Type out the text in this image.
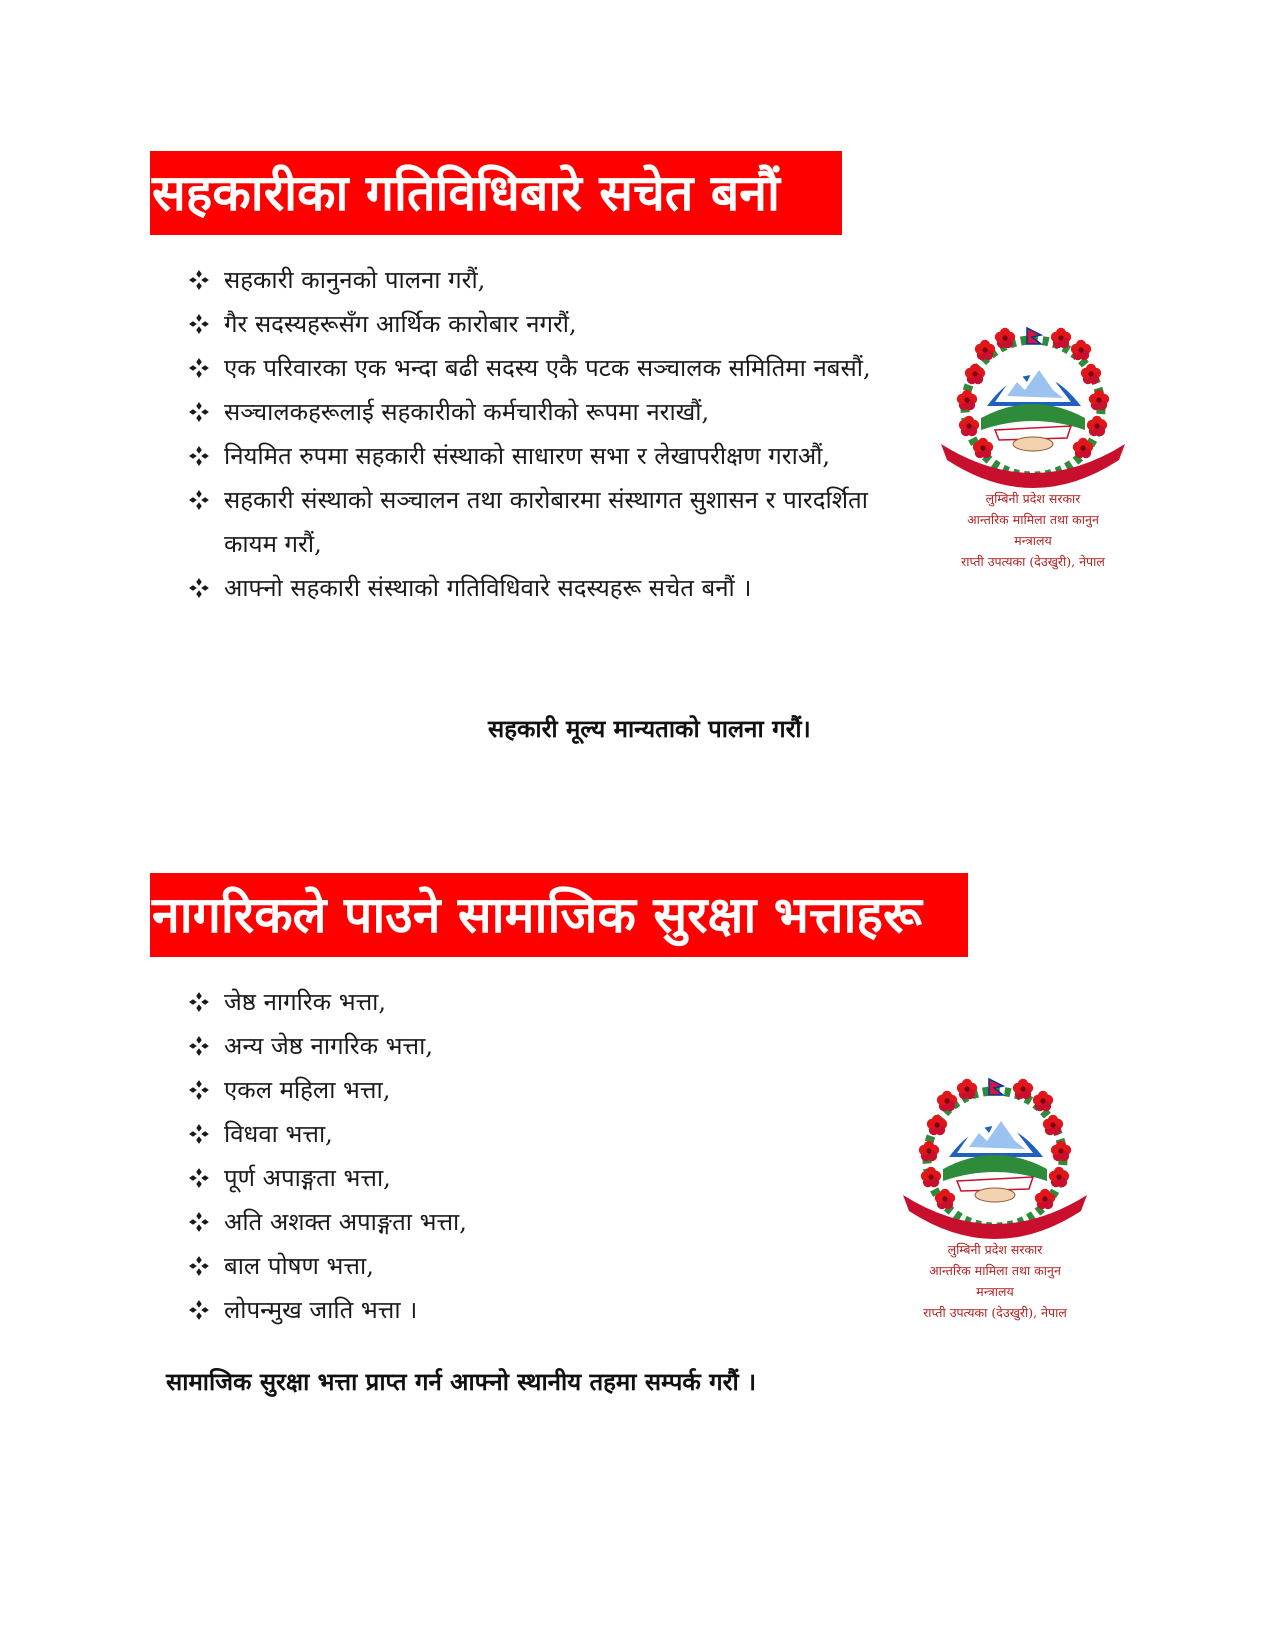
सहकारीका गतिविधिबारे सचेत बनौं
सहकारी कानुनको पालना गरौं,
गैर सदस्यहरूसँग आर्थिक कारोबार नगरौं,
एक परिवारका एक भन्दा बढी सदस्य एकै पटक सञ्चालक समितिमा नबसौं,
सञ्चालकहरूलाई सहकारीको कर्मचारीको रूपमा नराखौं,
नियमित रुपमा सहकारी संस्थाको साधारण सभा र लेखापरीक्षण गराऔं,
सहकारी संस्थाको सञ्चालन तथा कारोबारमा संस्थागत सुशासन र पारदर्शिता कायम गरौं,
आफ्नो सहकारी संस्थाको गतिविधिवारे सदस्यहरू सचेत बनौं ।
सहकारी मूल्य मान्यताको पालना गरौं।
लुम्बिनी प्रदेश सरकार
आन्तरिक मामिला तथा कानुन
मन्त्रालय
राप्ती उपत्यका (देउखुरी), नेपाल
नागरिकले पाउने सामाजिक सुरक्षा भत्ताहरू
जेष्ठ नागरिक भत्ता,
अन्य जेष्ठ नागरिक भत्ता,
एकल महिला भत्ता,
विधवा भत्ता,
पूर्ण अपाङ्गता भत्ता,
अति अशक्त अपाङ्गता भत्ता,
बाल पोषण भत्ता,
लोपन्मुख जाति भत्ता ।
सामाजिक सुरक्षा भत्ता प्राप्त गर्न आफ्नो स्थानीय तहमा सम्पर्क गरौं ।
लुम्बिनी प्रदेश सरकार
आन्तरिक मामिला तथा कानुन
मन्त्रालय
राप्ती उपत्यका (देउखुरी), नेपाल
